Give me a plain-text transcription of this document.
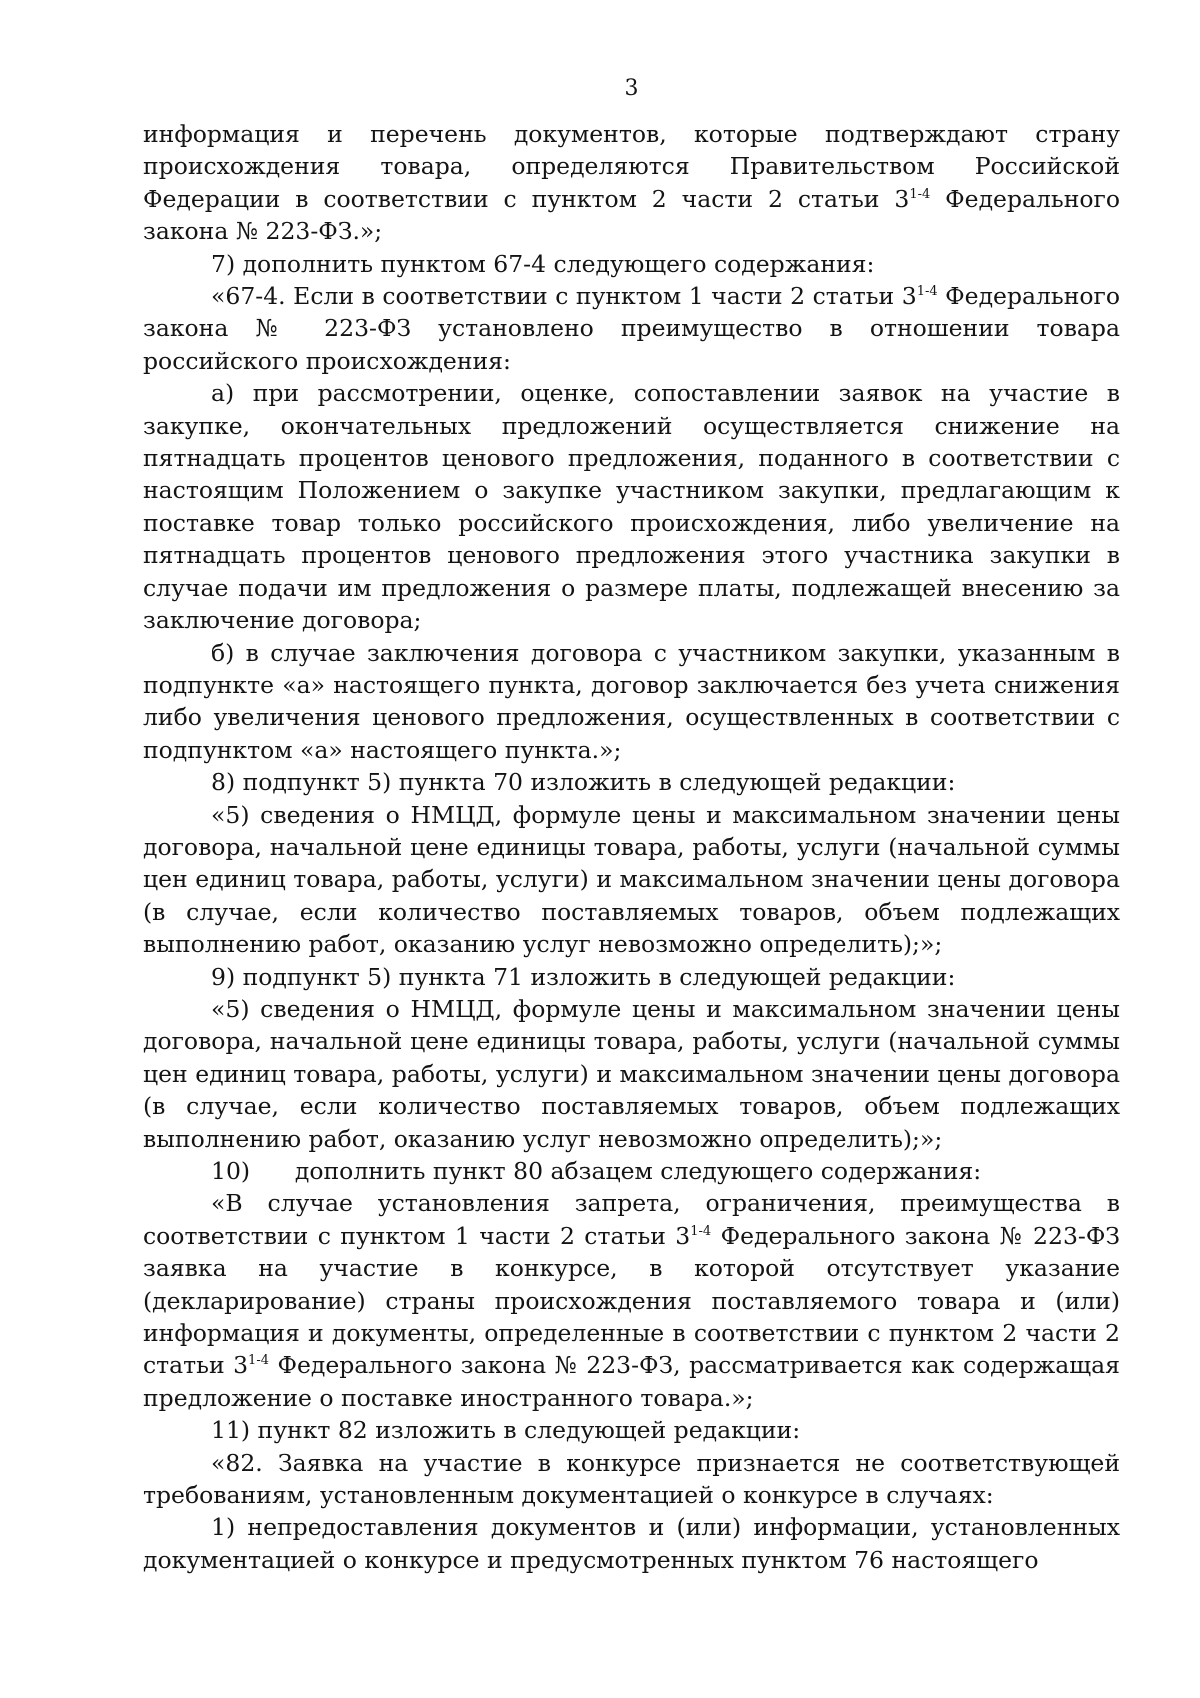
3

информация и перечень документов, которые подтверждают страну происхождения товара, определяются Правительством Российской Федерации в соответствии с пунктом 2 части 2 статьи 3$^{1-4}$ Федерального закона № 223-ФЗ.»;

7) дополнить пунктом 67-4 следующего содержания:

«67-4. Если в соответствии с пунктом 1 части 2 статьи 3$^{1-4}$ Федерального закона № 223-ФЗ установлено преимущество в отношении товара российского происхождения:

а) при рассмотрении, оценке, сопоставлении заявок на участие в закупке, окончательных предложений осуществляется снижение на пятнадцать процентов ценового предложения, поданного в соответствии с настоящим Положением о закупке участником закупки, предлагающим к поставке товар только российского происхождения, либо увеличение на пятнадцать процентов ценового предложения этого участника закупки в случае подачи им предложения о размере платы, подлежащей внесению за заключение договора;

б) в случае заключения договора с участником закупки, указанным в подпункте «а» настоящего пункта, договор заключается без учета снижения либо увеличения ценового предложения, осуществленных в соответствии с подпунктом «а» настоящего пункта.»;

8) подпункт 5) пункта 70 изложить в следующей редакции:

«5) сведения о НМЦД, формуле цены и максимальном значении цены договора, начальной цене единицы товара, работы, услуги (начальной суммы цен единиц товара, работы, услуги) и максимальном значении цены договора (в случае, если количество поставляемых товаров, объем подлежащих выполнению работ, оказанию услуг невозможно определить);»;

9) подпункт 5) пункта 71 изложить в следующей редакции:

«5) сведения о НМЦД, формуле цены и максимальном значении цены договора, начальной цене единицы товара, работы, услуги (начальной суммы цен единиц товара, работы, услуги) и максимальном значении цены договора (в случае, если количество поставляемых товаров, объем подлежащих выполнению работ, оказанию услуг невозможно определить);»;

10)      дополнить пункт 80 абзацем следующего содержания:

«В случае установления запрета, ограничения, преимущества в соответствии с пунктом 1 части 2 статьи 3$^{1-4}$ Федерального закона № 223-ФЗ заявка на участие в конкурсе, в которой отсутствует указание (декларирование) страны происхождения поставляемого товара и (или) информация и документы, определенные в соответствии с пунктом 2 части 2 статьи 3$^{1-4}$ Федерального закона № 223-ФЗ, рассматривается как содержащая предложение о поставке иностранного товара.»;

11) пункт 82 изложить в следующей редакции:

«82. Заявка на участие в конкурсе признается не соответствующей требованиям, установленным документацией о конкурсе в случаях:

1) непредоставления документов и (или) информации, установленных документацией о конкурсе и предусмотренных пунктом 76 настоящего
